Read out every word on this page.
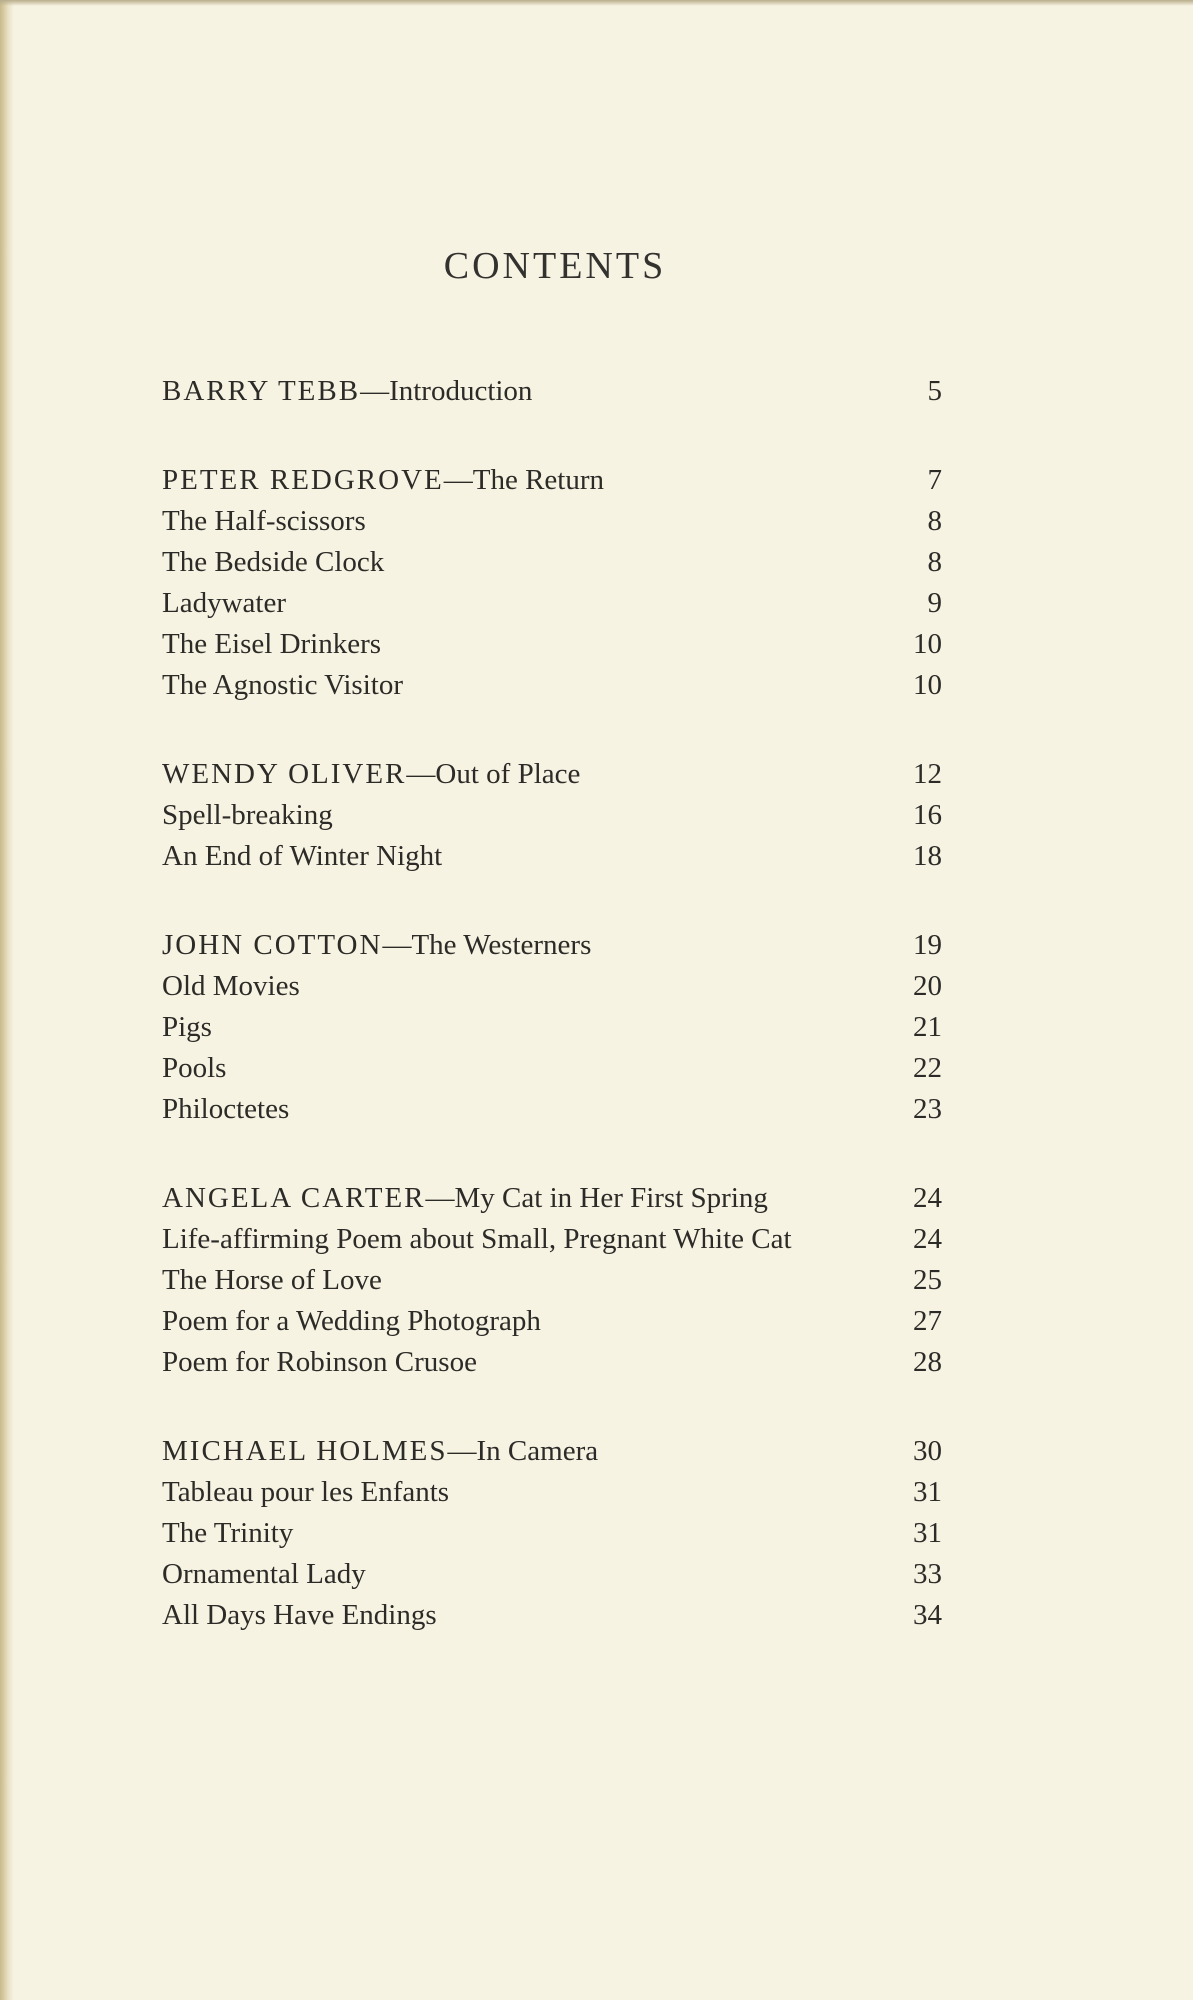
CONTENTS
BARRY TEBB—Introduction	5
PETER REDGROVE—The Return	7
The Half-scissors	8
The Bedside Clock	8
Ladywater	9
The Eisel Drinkers	10
The Agnostic Visitor	10
WENDY OLIVER—Out of Place	12
Spell-breaking	16
An End of Winter Night	18
JOHN COTTON—The Westerners	19
Old Movies	20
Pigs	21
Pools	22
Philoctetes	23
ANGELA CARTER—My Cat in Her First Spring	24
Life-affirming Poem about Small, Pregnant White Cat	24
The Horse of Love	25
Poem for a Wedding Photograph	27
Poem for Robinson Crusoe	28
MICHAEL HOLMES—In Camera	30
Tableau pour les Enfants	31
The Trinity	31
Ornamental Lady	33
All Days Have Endings	34
